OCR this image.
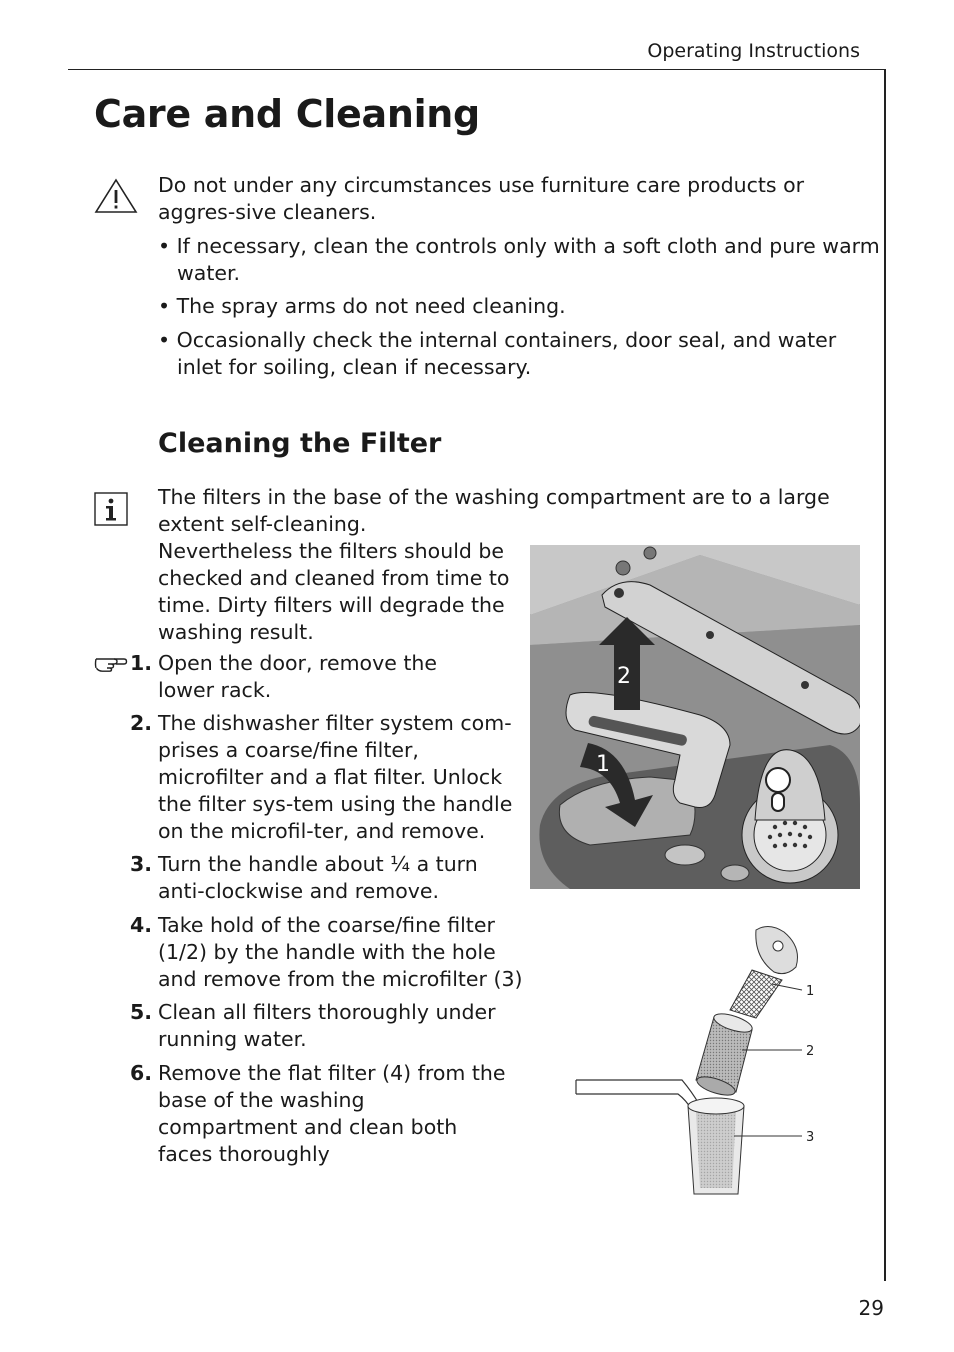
Operating Instructions
Care and Cleaning
Do not under any circumstances use furniture care products or aggres-sive cleaners.
• If necessary, clean the controls only with a soft cloth and pure warm water.
• The spray arms do not need cleaning.
• Occasionally check the internal containers, door seal, and water inlet for soiling, clean if necessary.
Cleaning the Filter
The filters in the base of the washing compartment are to a large extent self-cleaning.
Nevertheless the filters should be checked and cleaned from time to time. Dirty filters will degrade the washing result.
1. Open the door, remove the lower rack.
2. The dishwasher filter system com-prises a coarse/fine filter, microfilter and a flat filter. Unlock the filter sys-tem using the handle on the microfil-ter, and remove.
3. Turn the handle about ¼ a turn anti-clockwise and remove.
4. Take hold of the coarse/fine filter (1/2) by the handle with the hole and remove from the microfilter (3)
5. Clean all filters thoroughly under running water.
6. Remove the flat filter (4) from the base of the washing compartment and clean both faces thoroughly
2
1
1
2
3
29
